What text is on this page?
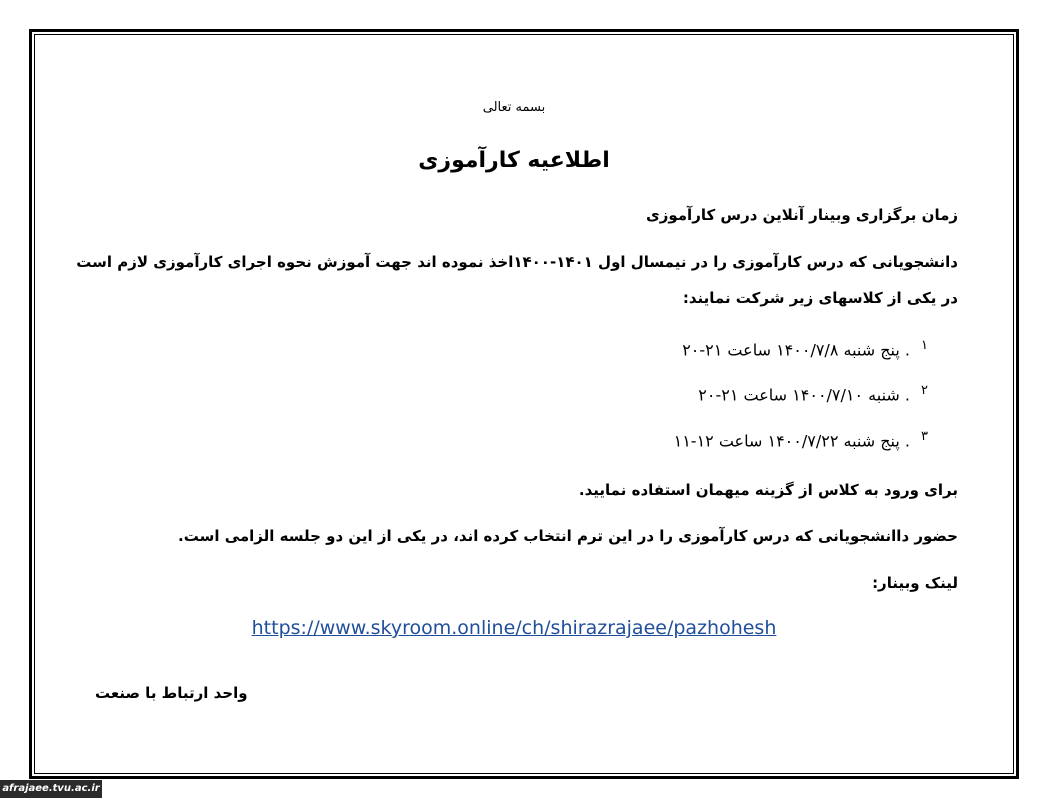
بسمه تعالی
اطلاعیه کارآموزی
زمان برگزاری وبینار آنلاین درس کارآموزی
دانشجویانی که درس کارآموزی را در نیمسال اول ۱۴۰۱-۱۴۰۰اخذ نموده اند جهت آموزش نحوه اجرای کارآموزی لازم است
در یکی از کلاسهای زیر شرکت نمایند:
۱. پنج شنبه ۱۴۰۰/۷/۸ ساعت ۲۱-۲۰
۲. شنبه ۱۴۰۰/۷/۱۰ ساعت ۲۱-۲۰
۳. پنج شنبه ۱۴۰۰/۷/۲۲ ساعت ۱۲-۱۱
برای ورود به کلاس از گزینه میهمان استفاده نمایید.
حضور داانشجویانی که درس کارآموزی را در این ترم انتخاب کرده اند، در یکی از این دو جلسه الزامی است.
لینک وبینار:
https://www.skyroom.online/ch/shirazrajaee/pazhohesh
واحد ارتباط با صنعت
afrajaee.tvu.ac.ir
